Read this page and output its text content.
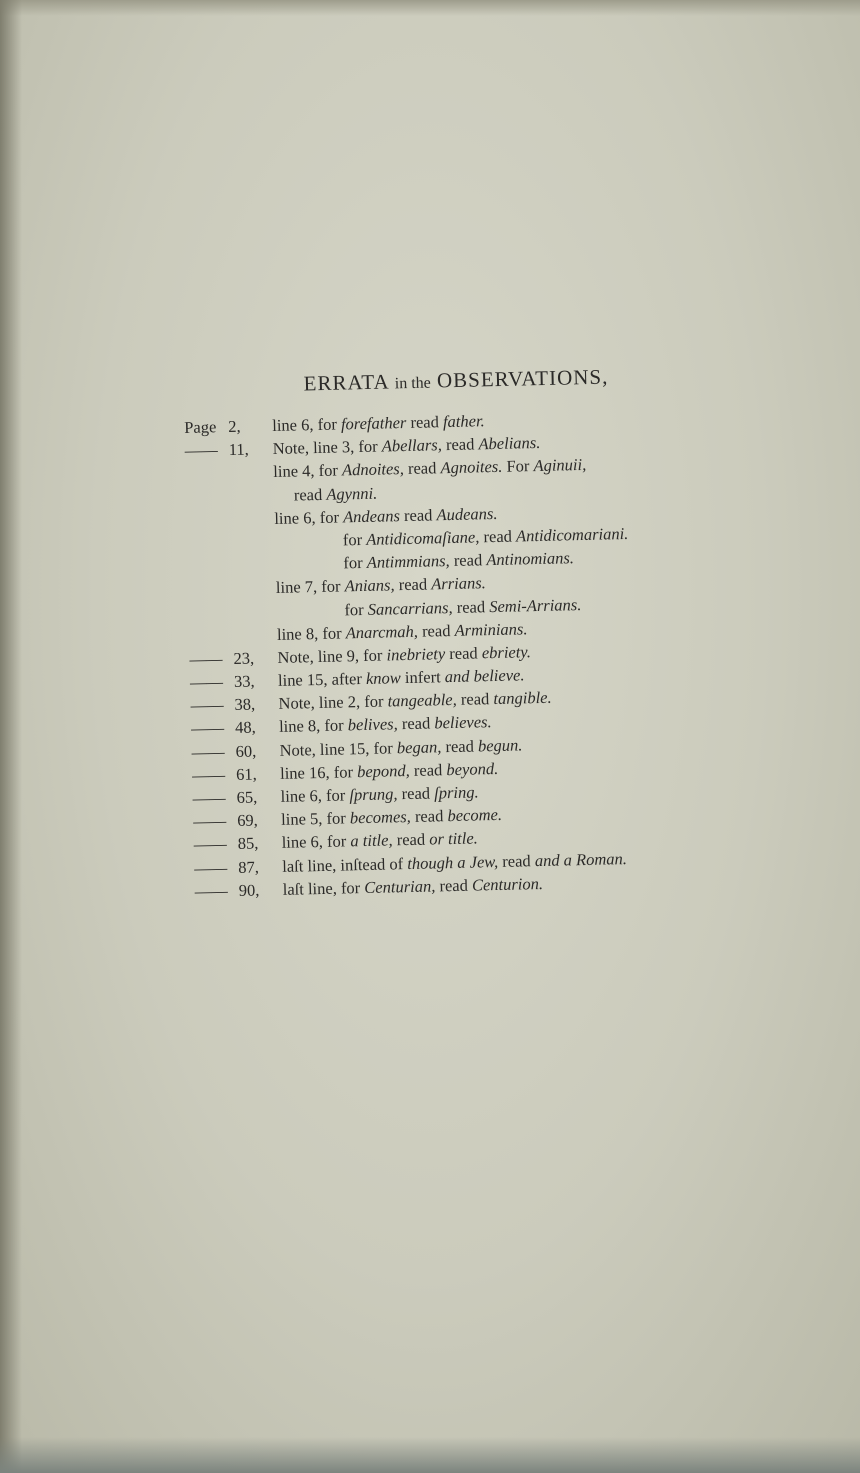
ERRATA in the OBSERVATIONS,
Page 2,	line 6, for forefather read father.
—— 11,	Note, line 3, for Abellars, read Abelians.
line 4, for Adnoites, read Agnoites. For Aginuii,
read Agynni.
line 6, for Andeans read Audeans.
for Antidicomaſiane, read Antidicomariani.
for Antimmians, read Antinomians.
line 7, for Anians, read Arrians.
for Sancarrians, read Semi-Arrians.
line 8, for Anarcmah, read Arminians.
—— 23,	Note, line 9, for inebriety read ebriety.
—— 33,	line 15, after know infert and believe.
—— 38,	Note, line 2, for tangeable, read tangible.
—— 48,	line 8, for belives, read believes.
—— 60,	Note, line 15, for began, read begun.
—— 61,	line 16, for bepond, read beyond.
—— 65,	line 6, for ſprung, read ſpring.
—— 69,	line 5, for becomes, read become.
—— 85,	line 6, for a title, read or title.
—— 87,	laſt line, inſtead of though a Jew, read and a Roman.
—— 90,	laſt line, for Centurian, read Centurion.
